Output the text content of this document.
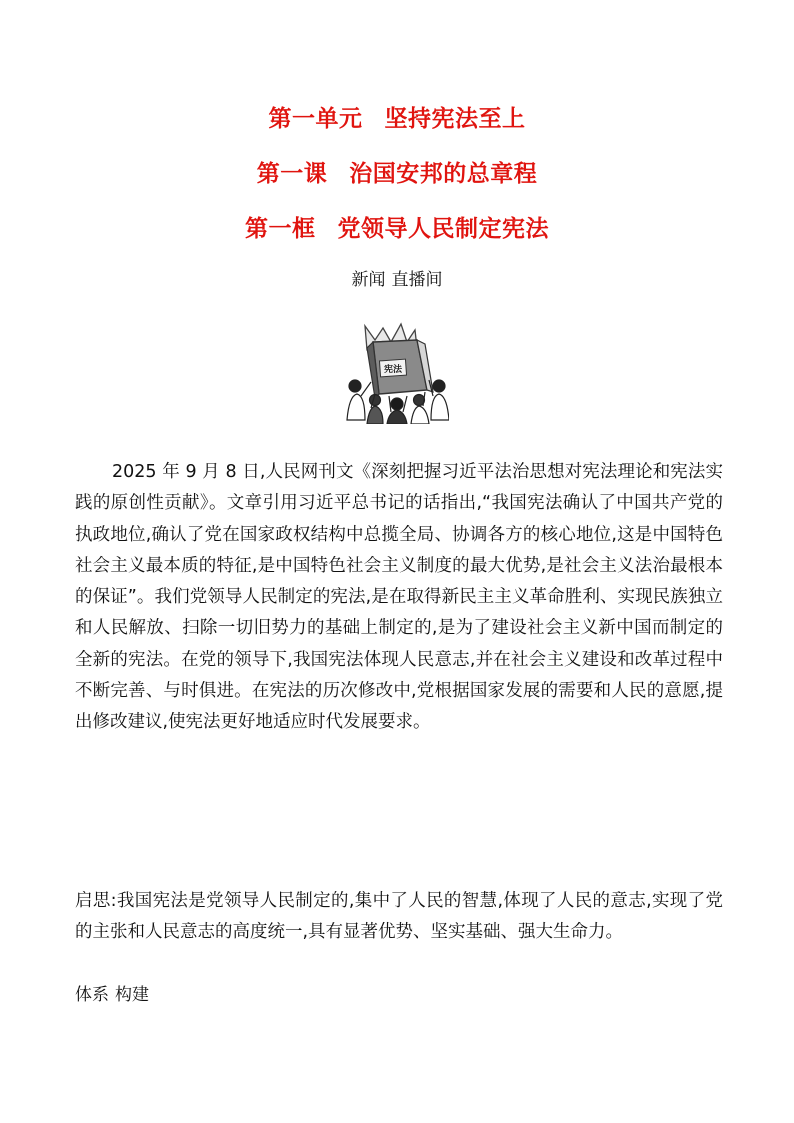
第一单元 坚持宪法至上
第一课 治国安邦的总章程
第一框 党领导人民制定宪法
新闻 直播间
宪法
2025 年 9 月 8 日,人民网刊文《深刻把握习近平法治思想对宪法理论和宪法实践的原创性贡献》。文章引用习近平总书记的话指出,“我国宪法确认了中国共产党的执政地位,确认了党在国家政权结构中总揽全局、协调各方的核心地位,这是中国特色社会主义最本质的特征,是中国特色社会主义制度的最大优势,是社会主义法治最根本的保证”。我们党领导人民制定的宪法,是在取得新民主主义革命胜利、实现民族独立和人民解放、扫除一切旧势力的基础上制定的,是为了建设社会主义新中国而制定的全新的宪法。在党的领导下,我国宪法体现人民意志,并在社会主义建设和改革过程中不断完善、与时俱进。在宪法的历次修改中,党根据国家发展的需要和人民的意愿,提出修改建议,使宪法更好地适应时代发展要求。
启思:我国宪法是党领导人民制定的,集中了人民的智慧,体现了人民的意志,实现了党的主张和人民意志的高度统一,具有显著优势、坚实基础、强大生命力。
体系 构建
